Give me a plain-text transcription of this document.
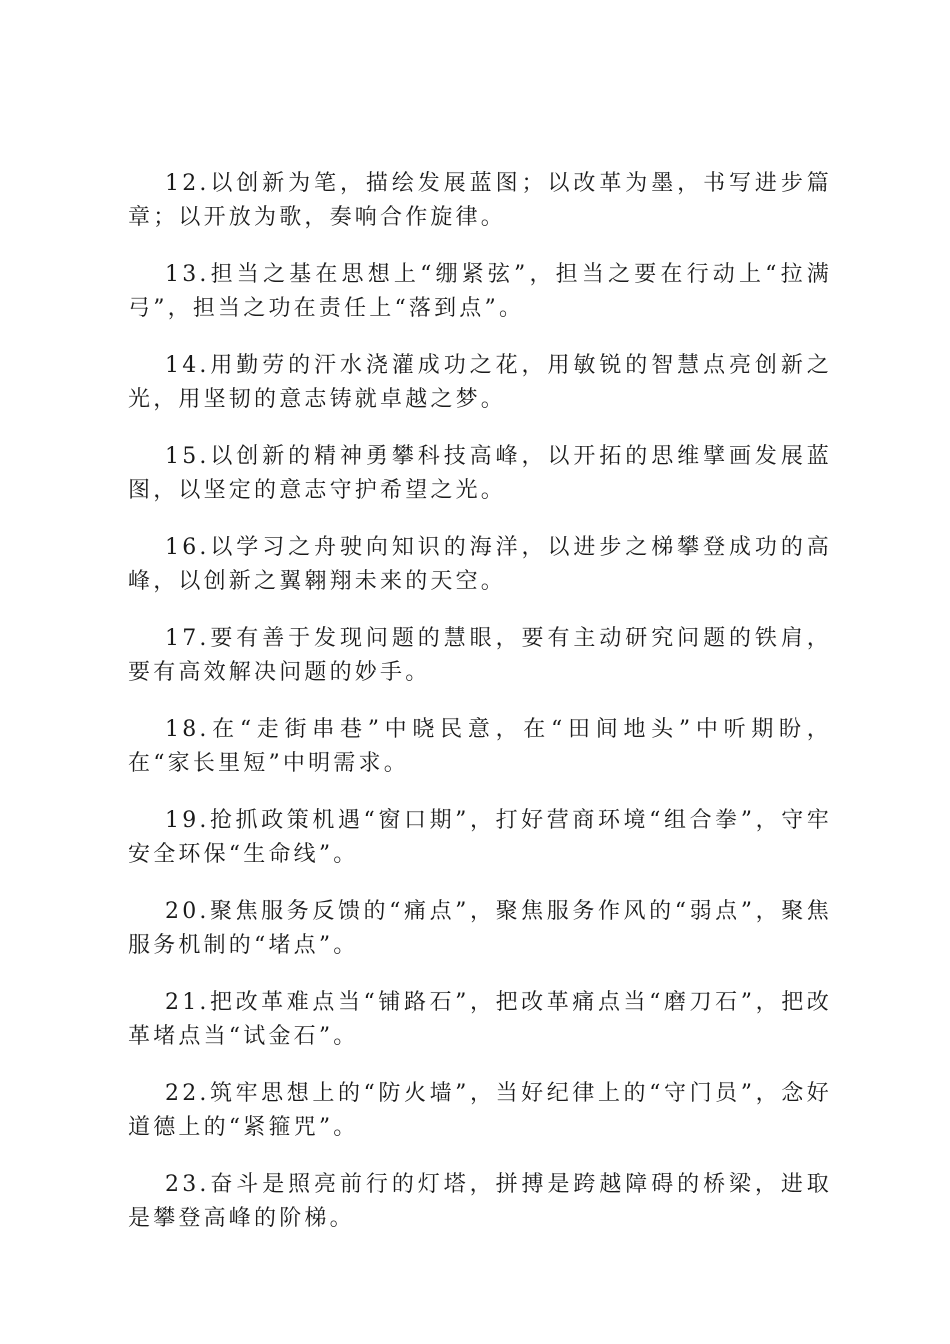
12.以创新为笔，描绘发展蓝图；以改革为墨，书写进步篇章；以开放为歌，奏响合作旋律。

13.担当之基在思想上“绷紧弦”，担当之要在行动上“拉满弓”，担当之功在责任上“落到点”。

14.用勤劳的汗水浇灌成功之花，用敏锐的智慧点亮创新之光，用坚韧的意志铸就卓越之梦。

15.以创新的精神勇攀科技高峰，以开拓的思维擘画发展蓝图，以坚定的意志守护希望之光。

16.以学习之舟驶向知识的海洋，以进步之梯攀登成功的高峰，以创新之翼翱翔未来的天空。

17.要有善于发现问题的慧眼，要有主动研究问题的铁肩，要有高效解决问题的妙手。

18.在“走街串巷”中晓民意，在“田间地头”中听期盼，在“家长里短”中明需求。

19.抢抓政策机遇“窗口期”，打好营商环境“组合拳”，守牢安全环保“生命线”。

20.聚焦服务反馈的“痛点”，聚焦服务作风的“弱点”，聚焦服务机制的“堵点”。

21.把改革难点当“铺路石”，把改革痛点当“磨刀石”，把改革堵点当“试金石”。

22.筑牢思想上的“防火墙”，当好纪律上的“守门员”，念好道德上的“紧箍咒”。

23.奋斗是照亮前行的灯塔，拼搏是跨越障碍的桥梁，进取是攀登高峰的阶梯。
